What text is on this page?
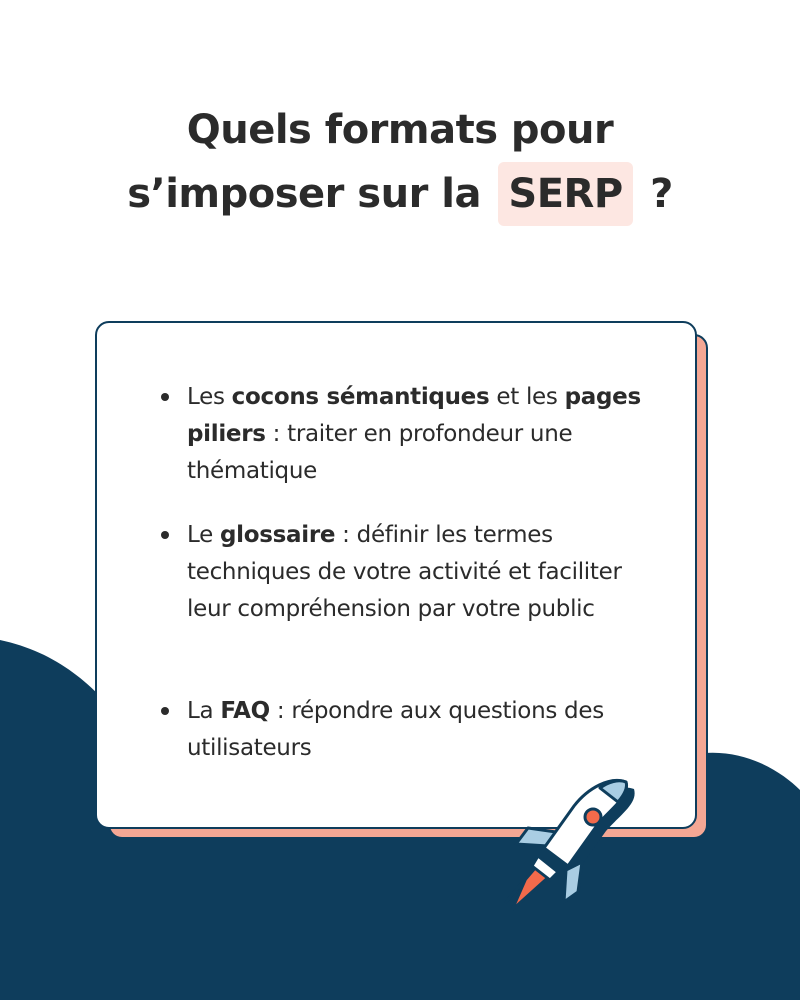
Quels formats pour
s’imposer sur la SERP ?
Les cocons sémantiques et les pages piliers : traiter en profondeur une thématique
Le glossaire : définir les termes techniques de votre activité et faciliter leur compréhension par votre public
La FAQ : répondre aux questions des utilisateurs
